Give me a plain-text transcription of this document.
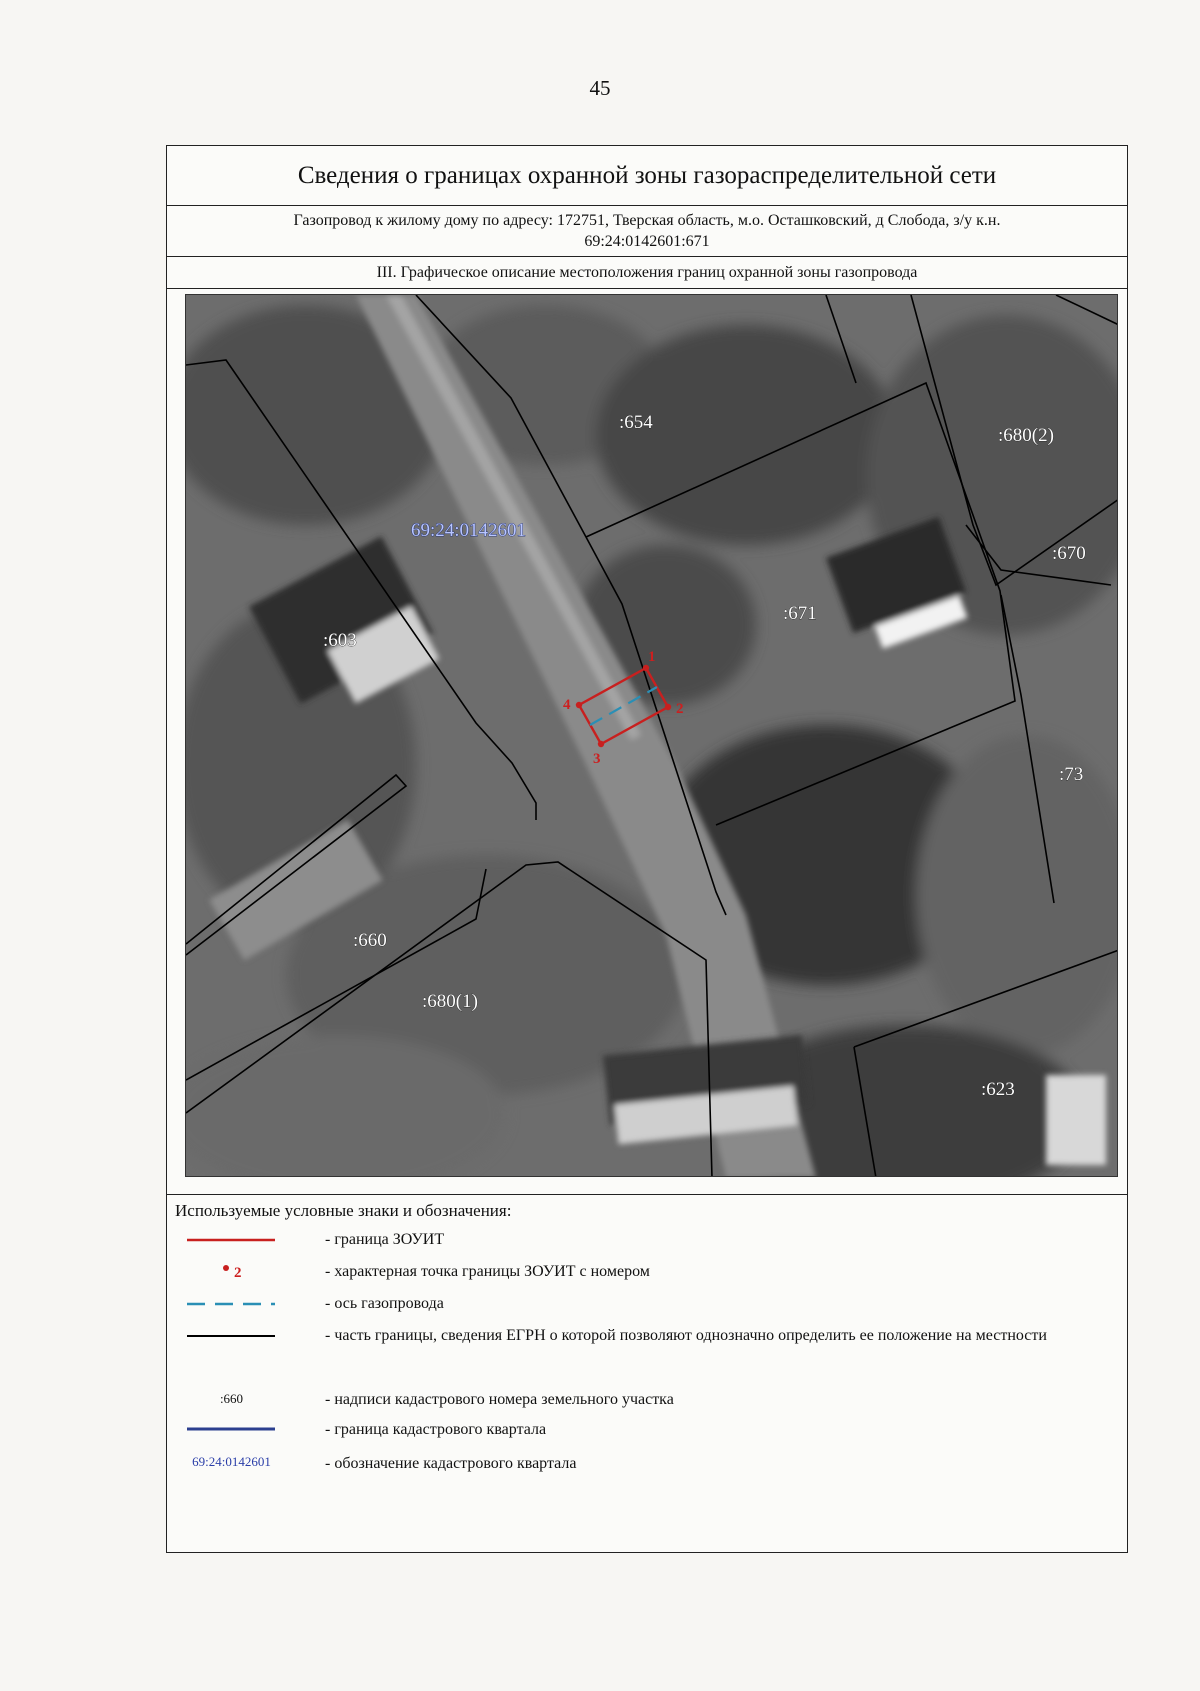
45
Сведения о границах охранной зоны газораспределительной сети
Газопровод к жилому дому по адресу: 172751, Тверская область, м.о. Осташковский, д Слобода, з/у к.н.
69:24:0142601:671
III. Графическое описание местоположения границ охранной зоны газопровода
1
2
3
4
69:24:0142601
:654
:680(2)
:670
:671
:603
:73
:660
:680(1)
:623
Используемые условные знаки и обозначения:
- граница ЗОУИТ
2	- характерная точка границы ЗОУИТ с номером
- ось газопровода
- часть границы, сведения ЕГРН о которой позволяют однозначно определить ее положение на местности
:660	- надписи кадастрового номера земельного участка
- граница кадастрового квартала
69:24:0142601	- обозначение кадастрового квартала
